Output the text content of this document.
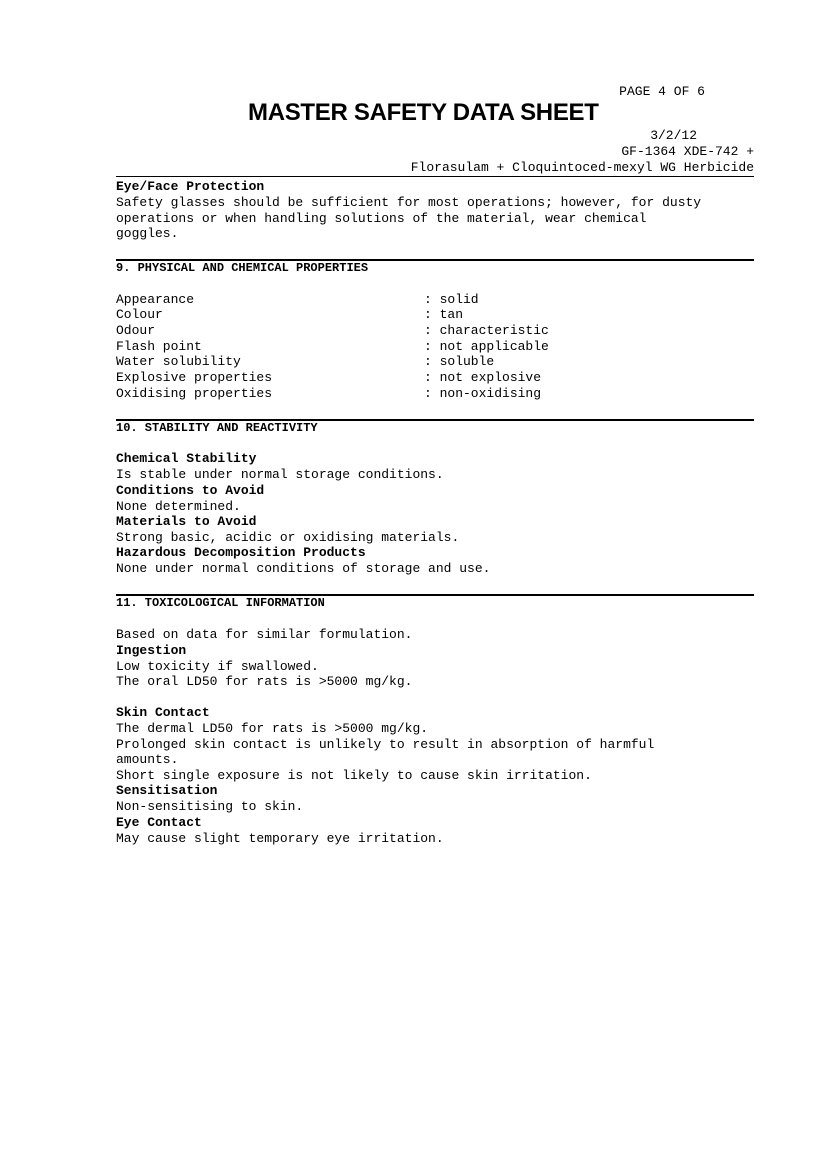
PAGE 4 OF 6
MASTER SAFETY DATA SHEET
3/2/12
GF-1364 XDE-742 +
Florasulam + Cloquintoced-mexyl WG Herbicide
Eye/Face Protection
Safety glasses should be sufficient for most operations; however, for dusty
operations or when handling solutions of the material, wear chemical
goggles.
9. PHYSICAL AND CHEMICAL PROPERTIES
Appearance	: solid
Colour	: tan
Odour	: characteristic
Flash point	: not applicable
Water solubility	: soluble
Explosive properties	: not explosive
Oxidising properties	: non-oxidising
10. STABILITY AND REACTIVITY
Chemical Stability
Is stable under normal storage conditions.
Conditions to Avoid
None determined.
Materials to Avoid
Strong basic, acidic or oxidising materials.
Hazardous Decomposition Products
None under normal conditions of storage and use.
11. TOXICOLOGICAL INFORMATION
Based on data for similar formulation.
Ingestion
Low toxicity if swallowed.
The oral LD50 for rats is >5000 mg/kg.
Skin Contact
The dermal LD50 for rats is >5000 mg/kg.
Prolonged skin contact is unlikely to result in absorption of harmful
amounts.
Short single exposure is not likely to cause skin irritation.
Sensitisation
Non-sensitising to skin.
Eye Contact
May cause slight temporary eye irritation.
